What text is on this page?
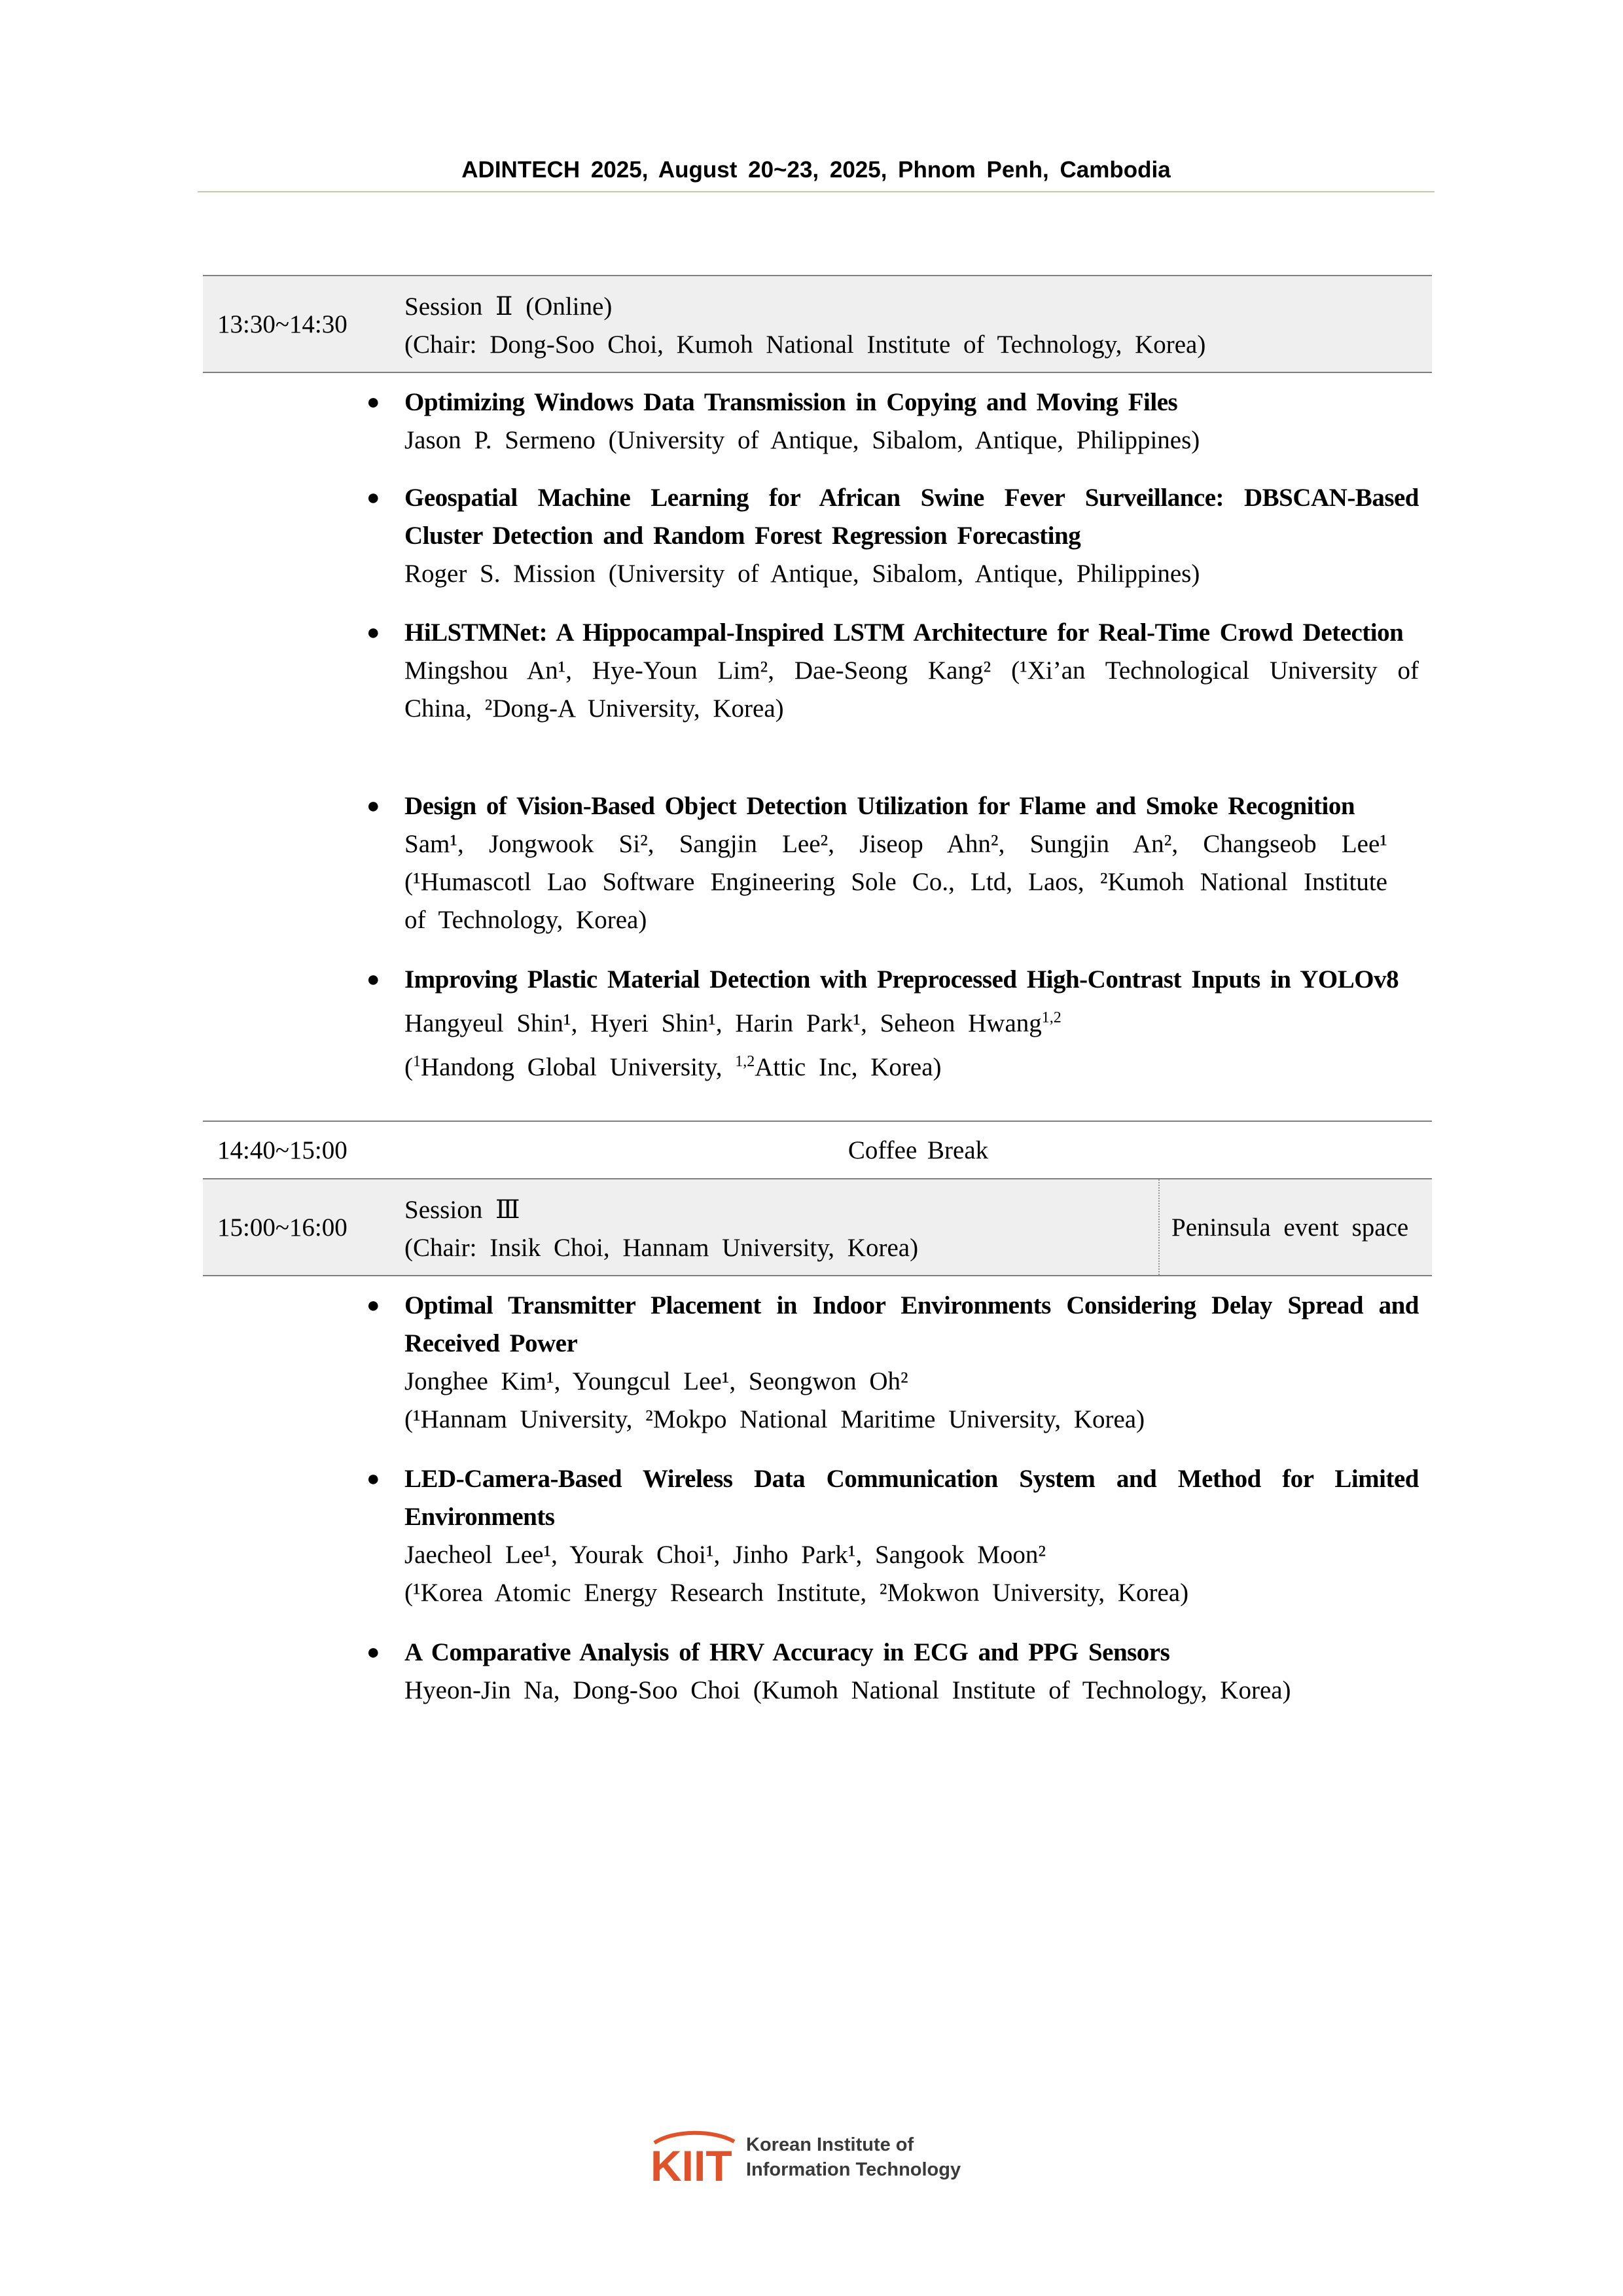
ADINTECH 2025, August 20~23, 2025, Phnom Penh, Cambodia
13:30~14:30
Session Ⅱ (Online)
(Chair: Dong-Soo Choi, Kumoh National Institute of Technology, Korea)
● Optimizing Windows Data Transmission in Copying and Moving Files
Jason P. Sermeno (University of Antique, Sibalom, Antique, Philippines)
● Geospatial Machine Learning for African Swine Fever Surveillance: DBSCAN-Based Cluster Detection and Random Forest Regression Forecasting
Roger S. Mission (University of Antique, Sibalom, Antique, Philippines)
● HiLSTMNet: A Hippocampal-Inspired LSTM Architecture for Real-Time Crowd Detection
Mingshou An¹, Hye-Youn Lim², Dae-Seong Kang² (¹Xi’an Technological University of China, ²Dong-A University, Korea)
● Design of Vision-Based Object Detection Utilization for Flame and Smoke Recognition
Sam¹, Jongwook Si², Sangjin Lee², Jiseop Ahn², Sungjin An², Changseob Lee¹ (¹Humascotl Lao Software Engineering Sole Co., Ltd, Laos, ²Kumoh National Institute of Technology, Korea)
● Improving Plastic Material Detection with Preprocessed High-Contrast Inputs in YOLOv8
Hangyeul Shin¹, Hyeri Shin¹, Harin Park¹, Seheon Hwang$^{1,2}$
($^1$Handong Global University, $^{1,2}$Attic Inc, Korea)
14:40~15:00	Coffee Break
15:00~16:00
Session Ⅲ
(Chair: Insik Choi, Hannam University, Korea)
Peninsula event space
● Optimal Transmitter Placement in Indoor Environments Considering Delay Spread and Received Power
Jonghee Kim¹, Youngcul Lee¹, Seongwon Oh²
(¹Hannam University, ²Mokpo National Maritime University, Korea)
● LED-Camera-Based Wireless Data Communication System and Method for Limited Environments
Jaecheol Lee¹, Yourak Choi¹, Jinho Park¹, Sangook Moon²
(¹Korea Atomic Energy Research Institute, ²Mokwon University, Korea)
● A Comparative Analysis of HRV Accuracy in ECG and PPG Sensors
Hyeon-Jin Na, Dong-Soo Choi (Kumoh National Institute of Technology, Korea)
KIIT Korean Institute of
Information Technology
